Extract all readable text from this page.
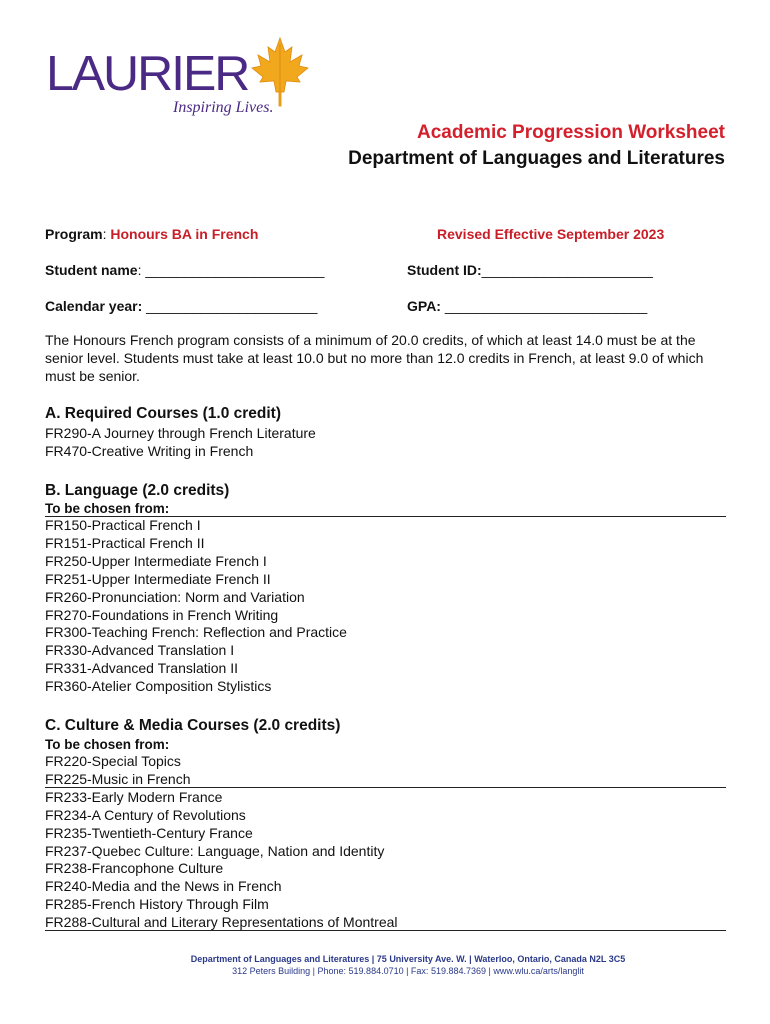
LAURIER
Inspiring Lives.
Academic Progression Worksheet
Department of Languages and Literatures
Program: Honours BA in French	Revised Effective September 2023
Student name: _______________________	Student ID:______________________
Calendar year: ______________________	GPA: __________________________
The Honours French program consists of a minimum of 20.0 credits, of which at least 14.0 must be at the senior level. Students must take at least 10.0 but no more than 12.0 credits in French, at least 9.0 of which must be senior.
A. Required Courses (1.0 credit)
FR290-A Journey through French Literature
FR470-Creative Writing in French
B. Language (2.0 credits)
To be chosen from:
FR150-Practical French I
FR151-Practical French II
FR250-Upper Intermediate French I
FR251-Upper Intermediate French II
FR260-Pronunciation: Norm and Variation
FR270-Foundations in French Writing
FR300-Teaching French: Reflection and Practice
FR330-Advanced Translation I
FR331-Advanced Translation II
FR360-Atelier Composition Stylistics
C. Culture & Media Courses (2.0 credits)
To be chosen from:
FR220-Special Topics
FR225-Music in French
FR233-Early Modern France
FR234-A Century of Revolutions
FR235-Twentieth-Century France
FR237-Quebec Culture: Language, Nation and Identity
FR238-Francophone Culture
FR240-Media and the News in French
FR285-French History Through Film
FR288-Cultural and Literary Representations of Montreal
Department of Languages and Literatures | 75 University Ave. W. | Waterloo, Ontario, Canada N2L 3C5
312 Peters Building | Phone: 519.884.0710 | Fax: 519.884.7369 | www.wlu.ca/arts/langlit
